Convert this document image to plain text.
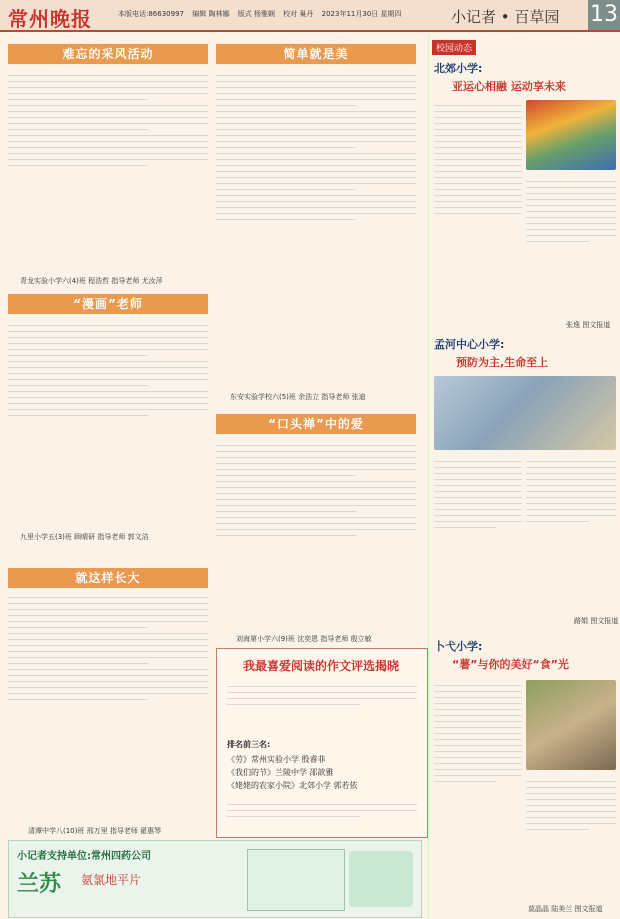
常州晚报	本版电话:86630997 编辑 陶林娜 版式 杨雅娴 校对 巢丹 2023年11月30日 星期四	小记者 • 百草园 13
难忘的采风活动
青龙实验小学六(4)班 程浩哲 指导老师 尤汝萍
“漫画”老师
九里小学五(3)班 顾晴研 指导老师 郭文洁
就这样长大
清潭中学八(10)班 邢万里 指导老师 翟惠琴
简单就是美
东安实验学校六(5)班 余浩立 指导老师 张迪
“口头禅”中的爱
刘海第小学六(9)班 沈奕恩 指导老师 殷立敏
我最喜爱阅读的作文评选揭晓
排名前三名:
《劳》常州实验小学 殷睿菲
《我们的节》兰陵中学 邵歆雅
《姥姥的农家小院》北郊小学 郭若依
小记者支持单位:常州四药公司
兰苏 氨氯地平片
校园动态
北郊小学:
亚运心相融 运动享未来
张逸 图文报道
孟河中心小学:
预防为主,生命至上
路娟 图文报道
卜弋小学:
“薯”与你的美好“食”光
莫晶晶 陆美兰 图文报道
